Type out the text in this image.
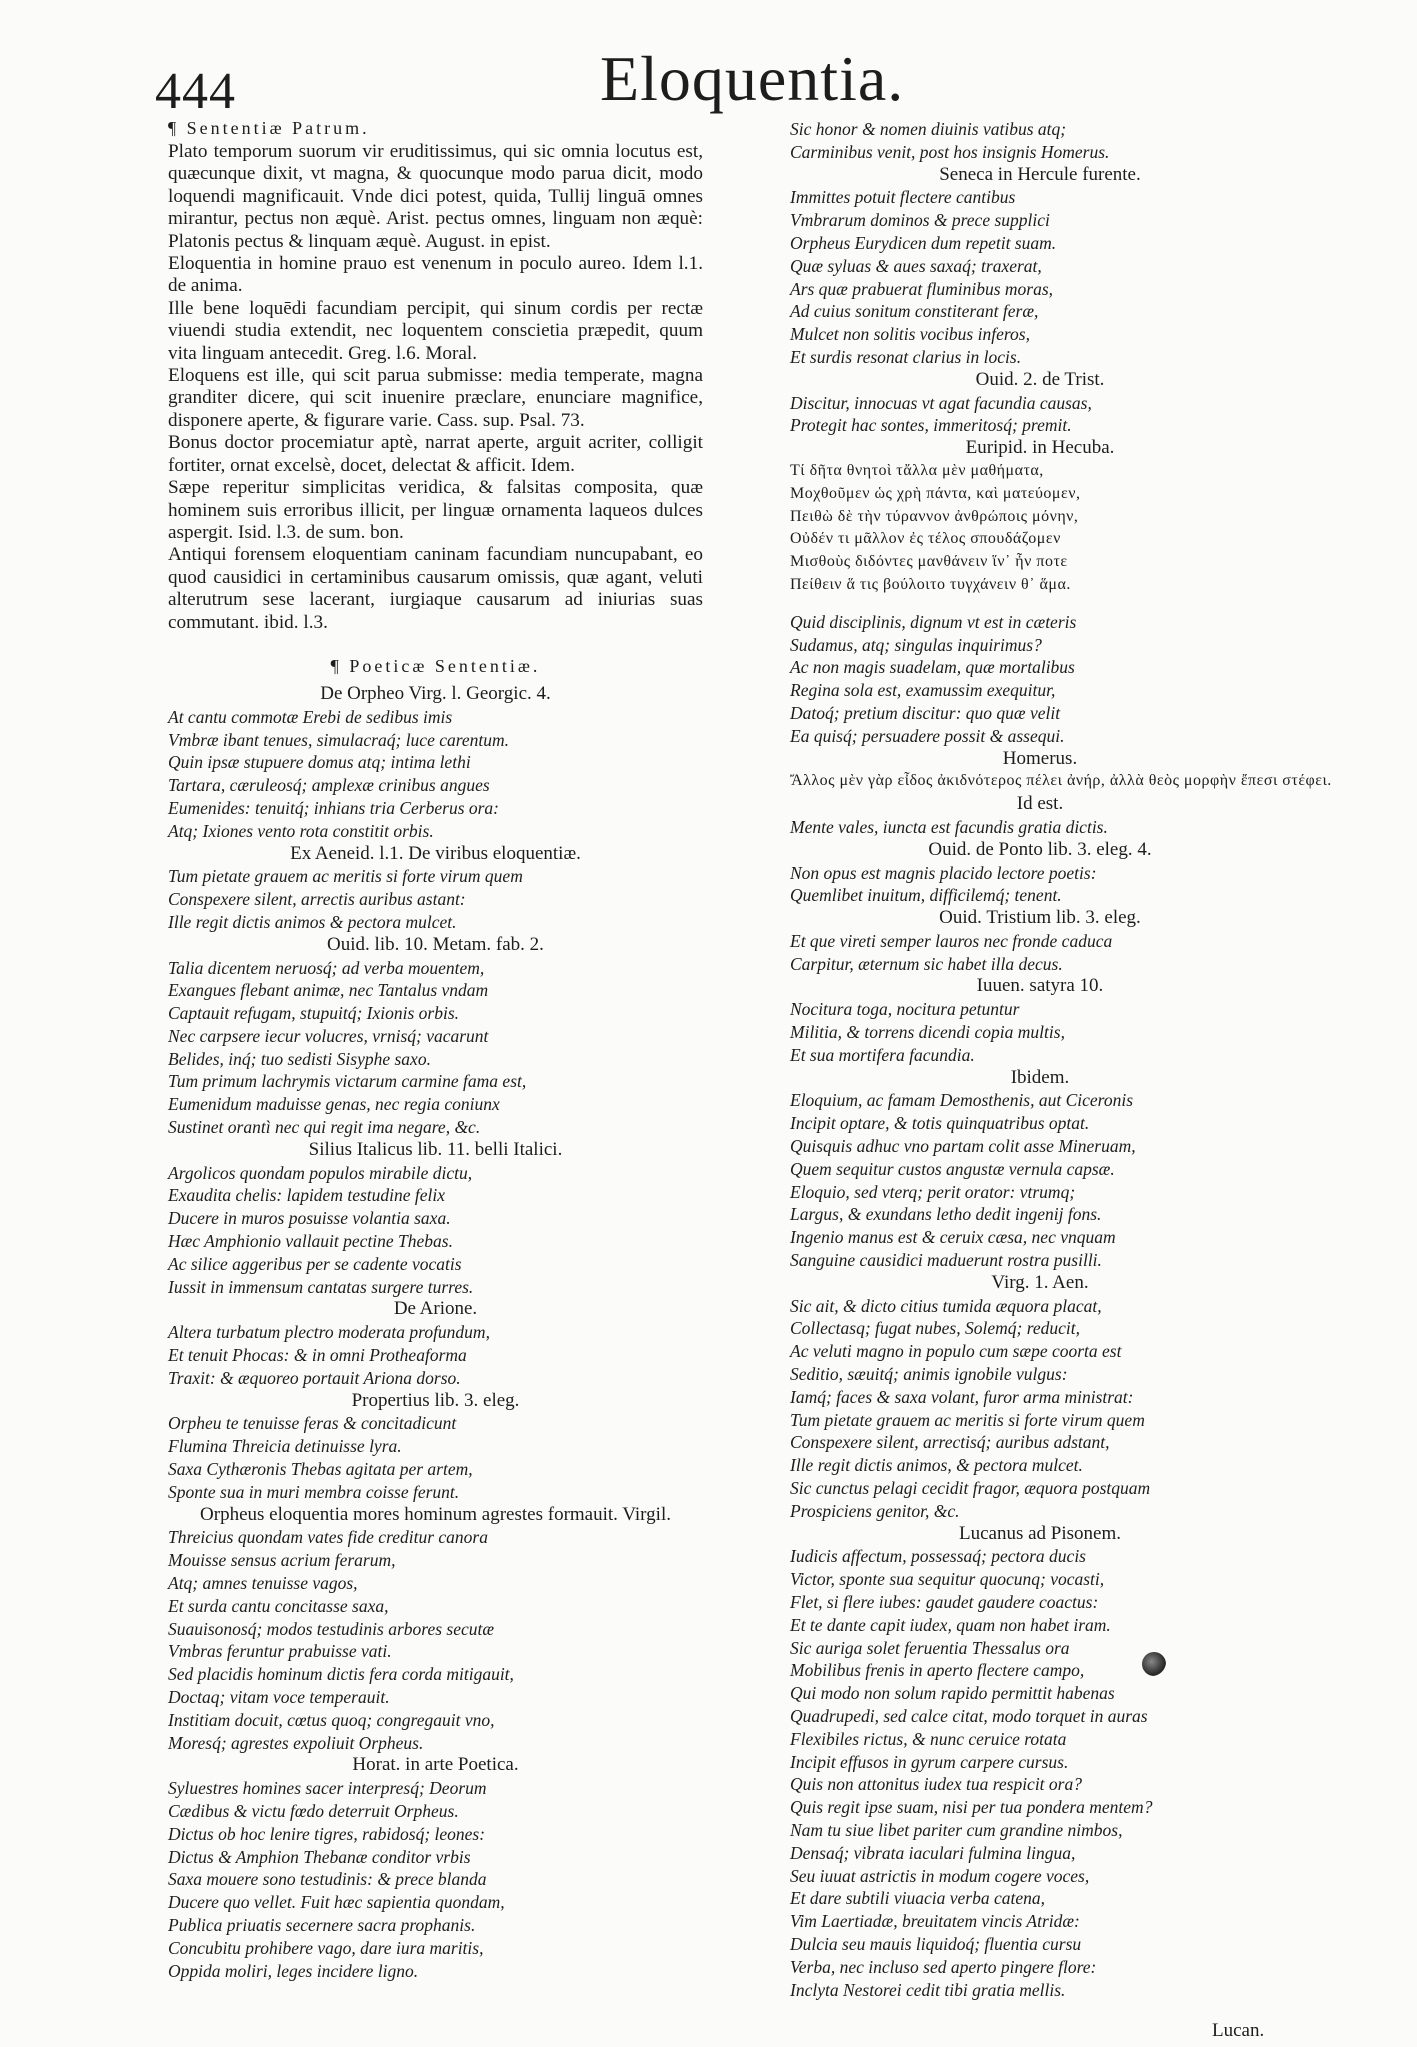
444	Eloquentia.
¶ Sententiæ Patrum.

Plato temporum suorum vir eruditissimus, qui sic omnia locutus est, quæcunque dixit, vt magna, & quocunque modo parua dicit, modo loquendi magnificauit. Vnde dici potest, quida, Tullij linguā omnes mirantur, pectus non æquè. Arist. pectus omnes, linguam non æquè: Platonis pectus & linquam æquè. August. in epist.

Eloquentia in homine prauo est venenum in poculo aureo. Idem l.1. de anima.

Ille bene loquēdi facundiam percipit, qui sinum cordis per rectæ viuendi studia extendit, nec loquentem conscietia præpedit, quum vita linguam antecedit. Greg. l.6. Moral.

Eloquens est ille, qui scit parua submisse: media temperate, magna granditer dicere, qui scit inuenire præclare, enunciare magnifice, disponere aperte, & figurare varie. Cass. sup. Psal. 73.

Bonus doctor procemiatur aptè, narrat aperte, arguit acriter, colligit fortiter, ornat excelsè, docet, delectat & afficit. Idem.

Sæpe reperitur simplicitas veridica, & falsitas composita, quæ hominem suis erroribus illicit, per linguæ ornamenta laqueos dulces aspergit. Isid. l.3. de sum. bon.

Antiqui forensem eloquentiam caninam facundiam nuncupabant, eo quod causidici in certaminibus causarum omissis, quæ agant, veluti alterutrum sese lacerant, iurgiaque causarum ad iniurias suas commutant. ibid. l.3.

¶ Poeticæ Sententiæ.
De Orpheo Virg. l. Georgic. 4.
At cantu commotæ Erebi de sedibus imis
Vmbræ ibant tenues, simulacraq́; luce carentum.
Quin ipsæ stupuere domus atq; intima lethi
Tartara, cæruleosq́; amplexæ crinibus angues
Eumenides: tenuitq́; inhians tria Cerberus ora:
Atq; Ixiones vento rota constitit orbis.
Ex Aeneid. l.1. De viribus eloquentiæ.
Tum pietate grauem ac meritis si forte virum quem
Conspexere silent, arrectis auribus astant:
Ille regit dictis animos & pectora mulcet.
Ouid. lib. 10. Metam. fab. 2.
Talia dicentem neruosq́; ad verba mouentem,
Exangues flebant animæ, nec Tantalus vndam
Captauit refugam, stupuitq́; Ixionis orbis.
Nec carpsere iecur volucres, vrnisq́; vacarunt
Belides, inq́; tuo sedisti Sisyphe saxo.
Tum primum lachrymis victarum carmine fama est,
Eumenidum maduisse genas, nec regia coniunx
Sustinet orantì nec qui regit ima negare, &c.
Silius Italicus lib. 11. belli Italici.
Argolicos quondam populos mirabile dictu,
Exaudita chelis: lapidem testudine felix
Ducere in muros posuisse volantia saxa.
Hæc Amphionio vallauit pectine Thebas.
Ac silice aggeribus per se cadente vocatis
Iussit in immensum cantatas surgere turres.
De Arione.
Altera turbatum plectro moderata profundum,
Et tenuit Phocas: & in omni Protheaforma
Traxit: & æquoreo portauit Ariona dorso.
Propertius lib. 3. eleg.
Orpheu te tenuisse feras & concitadicunt
Flumina Threicia detinuisse lyra.
Saxa Cythæronis Thebas agitata per artem,
Sponte sua in muri membra coisse ferunt.
Orpheus eloquentia mores hominum agrestes formauit. Virgil.
Threicius quondam vates fide creditur canora
Mouisse sensus acrium ferarum,
Atq; amnes tenuisse vagos,
Et surda cantu concitasse saxa,
Suauisonosq́; modos testudinis arbores secutæ
Vmbras feruntur prabuisse vati.
Sed placidis hominum dictis fera corda mitigauit,
Doctaq; vitam voce temperauit.
Institiam docuit, cœtus quoq; congregauit vno,
Moresq́; agrestes expoliuit Orpheus.
Horat. in arte Poetica.
Syluestres homines sacer interpresq́; Deorum
Cædibus & victu fœdo deterruit Orpheus.
Dictus ob hoc lenire tigres, rabidosq́; leones:
Dictus & Amphion Thebanæ conditor vrbis
Saxa mouere sono testudinis: & prece blanda
Ducere quo vellet. Fuit hæc sapientia quondam,
Publica priuatis secernere sacra prophanis.
Concubitu prohibere vago, dare iura maritis,
Oppida moliri, leges incidere ligno.
Sic honor & nomen diuinis vatibus atq;
Carminibus venit, post hos insignis Homerus.
Seneca in Hercule furente.
Immittes potuit flectere cantibus
Vmbrarum dominos & prece supplici
Orpheus Eurydicen dum repetit suam.
Quæ syluas & aues saxaq́; traxerat,
Ars quæ prabuerat fluminibus moras,
Ad cuius sonitum constiterant feræ,
Mulcet non solitis vocibus inferos,
Et surdis resonat clarius in locis.
Ouid. 2. de Trist.
Discitur, innocuas vt agat facundia causas,
Protegit hac sontes, immeritosq́; premit.
Euripid. in Hecuba.
Τί δῆτα θνητοὶ τἄλλα μὲν μαθήματα,
Μοχθοῦμεν ὡς χρὴ πάντα, καὶ ματεύομεν,
Πειθὼ δὲ τὴν τύραννον ἀνθρώποις μόνην,
Οὐδέν τι μᾶλλον ἐς τέλος σπουδάζομεν
Μισθοὺς διδόντες μανθάνειν ἵν᾽ ἦν ποτε
Πείθειν ἅ τις βούλοιτο τυγχάνειν θ᾽ ἅμα.
Quid disciplinis, dignum vt est in cæteris
Sudamus, atq; singulas inquirimus?
Ac non magis suadelam, quæ mortalibus
Regina sola est, examussim exequitur,
Datoq́; pretium discitur: quo quæ velit
Ea quisq́; persuadere possit & assequi.
Homerus.
Ἄλλος μὲν γὰρ εἶδος ἀκιδνότερος πέλει ἀνήρ, ἀλλὰ θεὸς μορφὴν ἔπεσι στέφει.
Id est.
Mente vales, iuncta est facundis gratia dictis.
Ouid. de Ponto lib. 3. eleg. 4.
Non opus est magnis placido lectore poetis:
Quemlibet inuitum, difficilemq́; tenent.
Ouid. Tristium lib. 3. eleg.
Et que vireti semper lauros nec fronde caduca
Carpitur, æternum sic habet illa decus.
Iuuen. satyra 10.
Nocitura toga, nocitura petuntur
Militia, & torrens dicendi copia multis,
Et sua mortifera facundia.
Ibidem.
Eloquium, ac famam Demosthenis, aut Ciceronis
Incipit optare, & totis quinquatribus optat.
Quisquis adhuc vno partam colit asse Mineruam,
Quem sequitur custos angustæ vernula capsæ.
Eloquio, sed vterq; perit orator: vtrumq;
Largus, & exundans letho dedit ingenij fons.
Ingenio manus est & ceruix cæsa, nec vnquam
Sanguine causidici maduerunt rostra pusilli.
Virg. 1. Aen.
Sic ait, & dicto citius tumida æquora placat,
Collectasq; fugat nubes, Solemq́; reducit,
Ac veluti magno in populo cum sæpe coorta est
Seditio, sæuitq́; animis ignobile vulgus:
Iamq́; faces & saxa volant, furor arma ministrat:
Tum pietate grauem ac meritis si forte virum quem
Conspexere silent, arrectisq́; auribus adstant,
Ille regit dictis animos, & pectora mulcet.
Sic cunctus pelagi cecidit fragor, æquora postquam
Prospiciens genitor, &c.
Lucanus ad Pisonem.
Iudicis affectum, possessaq́; pectora ducis
Victor, sponte sua sequitur quocunq; vocasti,
Flet, si flere iubes: gaudet gaudere coactus:
Et te dante capit iudex, quam non habet iram.
Sic auriga solet feruentia Thessalus ora
Mobilibus frenis in aperto flectere campo,
Qui modo non solum rapido permittit habenas
Quadrupedi, sed calce citat, modo torquet in auras
Flexibiles rictus, & nunc ceruice rotata
Incipit effusos in gyrum carpere cursus.
Quis non attonitus iudex tua respicit ora?
Quis regit ipse suam, nisi per tua pondera mentem?
Nam tu siue libet pariter cum grandine nimbos,
Densaq́; vibrata iaculari fulmina lingua,
Seu iuuat astrictis in modum cogere voces,
Et dare subtili viuacia verba catena,
Vim Laertiadæ, breuitatem vincis Atridæ:
Dulcia seu mauis liquidoq́; fluentia cursu
Verba, nec incluso sed aperto pingere flore:
Inclyta Nestorei cedit tibi gratia mellis.
Lucan.
